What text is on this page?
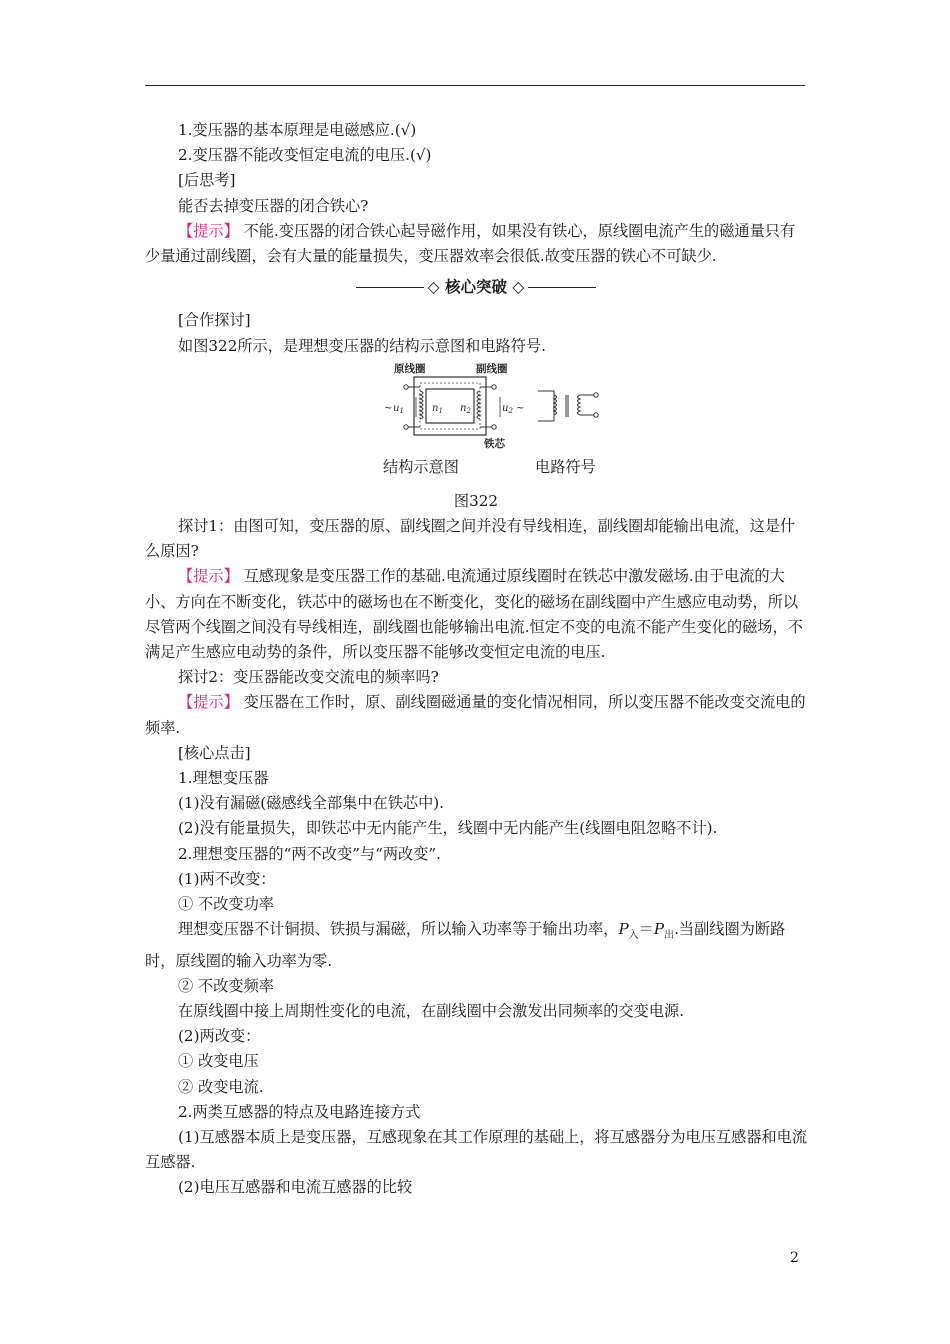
1.变压器的基本原理是电磁感应.(√)

2.变压器不能改变恒定电流的电压.(√)

[后思考]

能否去掉变压器的闭合铁心?

【提示】 不能.变压器的闭合铁心起导磁作用，如果没有铁心，原线圈电流产生的磁通量只有少量通过副线圈，会有大量的能量损失，变压器效率会很低.故变压器的铁心不可缺少.

◇ 核心突破 ◇

[合作探讨]

如图322所示，是理想变压器的结构示意图和电路符号.

原线圈	副线圈
铁芯
~ $u_1$	$n_1$ $n_2$	$u_2$ ~
结构示意图	电路符号

图322

探讨1：由图可知，变压器的原、副线圈之间并没有导线相连，副线圈却能输出电流，这是什么原因?

【提示】 互感现象是变压器工作的基础.电流通过原线圈时在铁芯中激发磁场.由于电流的大小、方向在不断变化，铁芯中的磁场也在不断变化，变化的磁场在副线圈中产生感应电动势，所以尽管两个线圈之间没有导线相连，副线圈也能够输出电流.恒定不变的电流不能产生变化的磁场，不满足产生感应电动势的条件，所以变压器不能够改变恒定电流的电压.

探讨2：变压器能改变交流电的频率吗?

【提示】 变压器在工作时，原、副线圈磁通量的变化情况相同，所以变压器不能改变交流电的频率.

[核心点击]

1.理想变压器

(1)没有漏磁(磁感线全部集中在铁芯中).

(2)没有能量损失，即铁芯中无内能产生，线圈中无内能产生(线圈电阻忽略不计).

2.理想变压器的“两不改变”与“两改变”.

(1)两不改变：

① 不改变功率

理想变压器不计铜损、铁损与漏磁，所以输入功率等于输出功率，$P_入=P_出$.当副线圈为断路时，原线圈的输入功率为零.

② 不改变频率

在原线圈中接上周期性变化的电流，在副线圈中会激发出同频率的交变电源.

(2)两改变：

① 改变电压

② 改变电流.

2.两类互感器的特点及电路连接方式

(1)互感器本质上是变压器，互感现象在其工作原理的基础上，将互感器分为电压互感器和电流互感器.

(2)电压互感器和电流互感器的比较

2
